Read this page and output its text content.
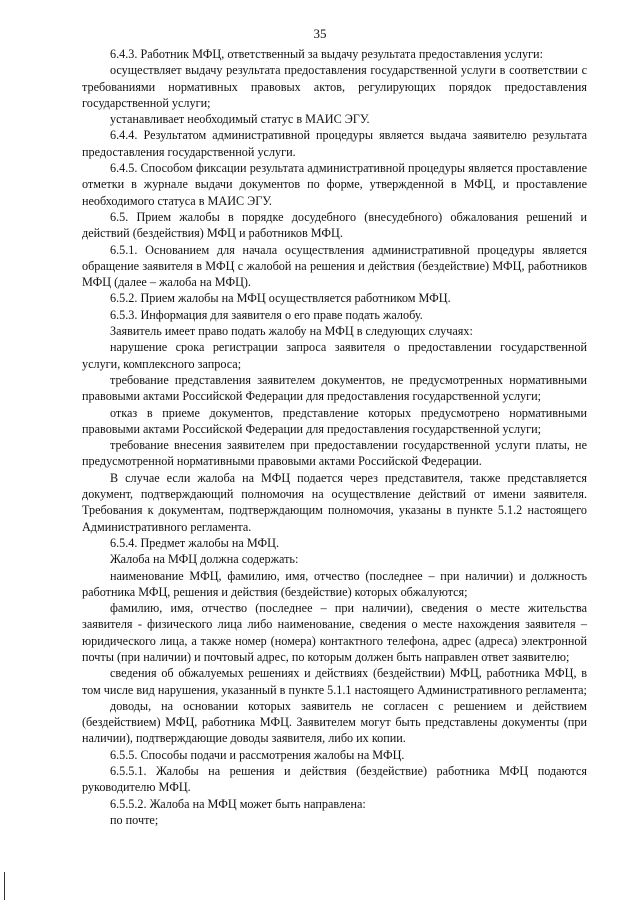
35

6.4.3. Работник МФЦ, ответственный за выдачу результата предоставления услуги:

осуществляет выдачу результата предоставления государственной услуги в соответствии с требованиями нормативных правовых актов, регулирующих порядок предоставления государственной услуги;

устанавливает необходимый статус в МАИС ЭГУ.

6.4.4. Результатом административной процедуры является выдача заявителю результата предоставления государственной услуги.

6.4.5. Способом фиксации результата административной процедуры является проставление отметки в журнале выдачи документов по форме, утвержденной в МФЦ, и проставление необходимого статуса в МАИС ЭГУ.

6.5. Прием жалобы в порядке досудебного (внесудебного) обжалования решений и действий (бездействия) МФЦ и работников МФЦ.

6.5.1. Основанием для начала осуществления административной процедуры является обращение заявителя в МФЦ с жалобой на решения и действия (бездействие) МФЦ, работников МФЦ (далее – жалоба на МФЦ).

6.5.2. Прием жалобы на МФЦ осуществляется работником МФЦ.

6.5.3. Информация для заявителя о его праве подать жалобу.

Заявитель имеет право подать жалобу на МФЦ в следующих случаях:

нарушение срока регистрации запроса заявителя о предоставлении государственной услуги, комплексного запроса;

требование представления заявителем документов, не предусмотренных нормативными правовыми актами Российской Федерации для предоставления государственной услуги;

отказ в приеме документов, представление которых предусмотрено нормативными правовыми актами Российской Федерации для предоставления государственной услуги;

требование внесения заявителем при предоставлении государственной услуги платы, не предусмотренной нормативными правовыми актами Российской Федерации.

В случае если жалоба на МФЦ подается через представителя, также представляется документ, подтверждающий полномочия на осуществление действий от имени заявителя. Требования к документам, подтверждающим полномочия, указаны в пункте 5.1.2 настоящего Административного регламента.

6.5.4. Предмет жалобы на МФЦ.

Жалоба на МФЦ должна содержать:

наименование МФЦ, фамилию, имя, отчество (последнее – при наличии) и должность работника МФЦ, решения и действия (бездействие) которых обжалуются;

фамилию, имя, отчество (последнее – при наличии), сведения о месте жительства заявителя - физического лица либо наименование, сведения о месте нахождения заявителя – юридического лица, а также номер (номера) контактного телефона, адрес (адреса) электронной почты (при наличии) и почтовый адрес, по которым должен быть направлен ответ заявителю;

сведения об обжалуемых решениях и действиях (бездействии) МФЦ, работника МФЦ, в том числе вид нарушения, указанный в пункте 5.1.1 настоящего Административного регламента;

доводы, на основании которых заявитель не согласен с решением и действием (бездействием) МФЦ, работника МФЦ. Заявителем могут быть представлены документы (при наличии), подтверждающие доводы заявителя, либо их копии.

6.5.5. Способы подачи и рассмотрения жалобы на МФЦ.

6.5.5.1. Жалобы на решения и действия (бездействие) работника МФЦ подаются руководителю МФЦ.

6.5.5.2. Жалоба на МФЦ может быть направлена:

по почте;
